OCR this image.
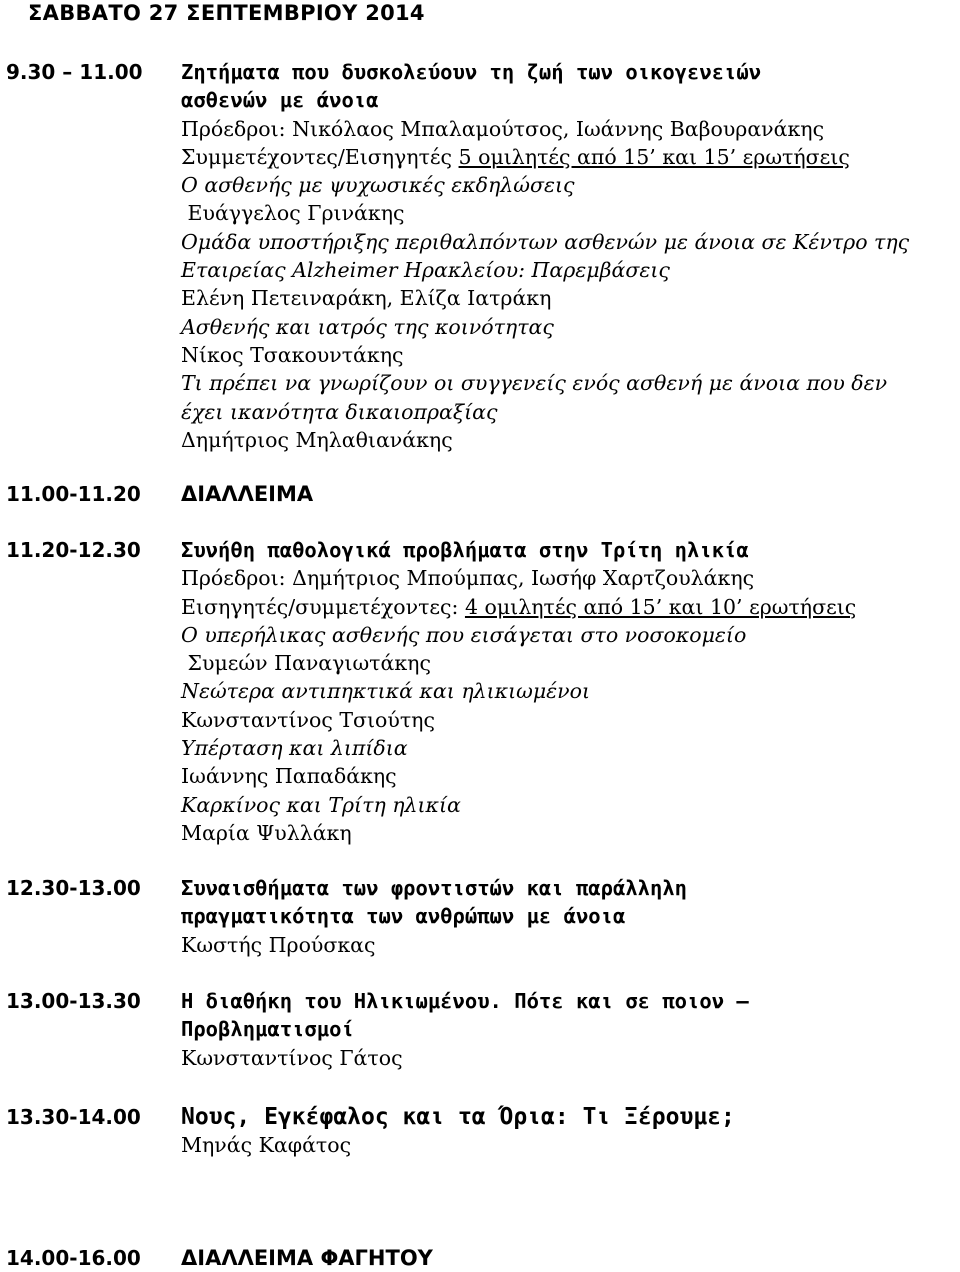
ΣΑΒΒΑΤΟ 27 ΣΕΠΤΕΜΒΡΙΟΥ 2014
9.30 – 11.00 Ζητήματα που δυσκολεύουν τη ζωή των οικογενειών
ασθενών με άνοια
Πρόεδροι: Νικόλαος Μπαλαμούτσος, Ιωάννης Βαβουρανάκης
Συμμετέχοντες/Εισηγητές 5 ομιλητές από 15’ και 15’ ερωτήσεις
Ο ασθενής με ψυχωσικές εκδηλώσεις
Ευάγγελος Γρινάκης
Ομάδα υποστήριξης περιθαλπόντων ασθενών με άνοια σε Κέντρο της
Εταιρείας Alzheimer Ηρακλείου: Παρεμβάσεις
Ελένη Πετειναράκη, Ελίζα Ιατράκη
Ασθενής και ιατρός της κοινότητας
Νίκος Τσακουντάκης
Τι πρέπει να γνωρίζουν οι συγγενείς ενός ασθενή με άνοια που δεν
έχει ικανότητα δικαιοπραξίας
Δημήτριος Μηλαθιανάκης
11.00-11.20 ΔΙΑΛΛΕΙΜΑ
11.20-12.30 Συνήθη παθολογικά προβλήματα στην Τρίτη ηλικία
Πρόεδροι: Δημήτριος Μπούμπας, Ιωσήφ Χαρτζουλάκης
Εισηγητές/συμμετέχοντες: 4 ομιλητές από 15’ και 10’ ερωτήσεις
Ο υπερήλικας ασθενής που εισάγεται στο νοσοκομείο
Συμεών Παναγιωτάκης
Νεώτερα αντιπηκτικά και ηλικιωμένοι
Κωνσταντίνος Τσιούτης
Υπέρταση και λιπίδια
Ιωάννης Παπαδάκης
Καρκίνος και Τρίτη ηλικία
Μαρία Ψυλλάκη
12.30-13.00 Συναισθήματα των φροντιστών και παράλληλη
πραγματικότητα των ανθρώπων με άνοια
Κωστής Προύσκας
13.00-13.30 Η διαθήκη του Ηλικιωμένου. Πότε και σε ποιον –
Προβληματισμοί
Κωνσταντίνος Γάτος
13.30-14.00 Νους, Εγκέφαλος και τα Όρια: Τι Ξέρουμε;
Μηνάς Καφάτος
14.00-16.00 ΔΙΑΛΛΕΙΜΑ ΦΑΓΗΤΟΥ
